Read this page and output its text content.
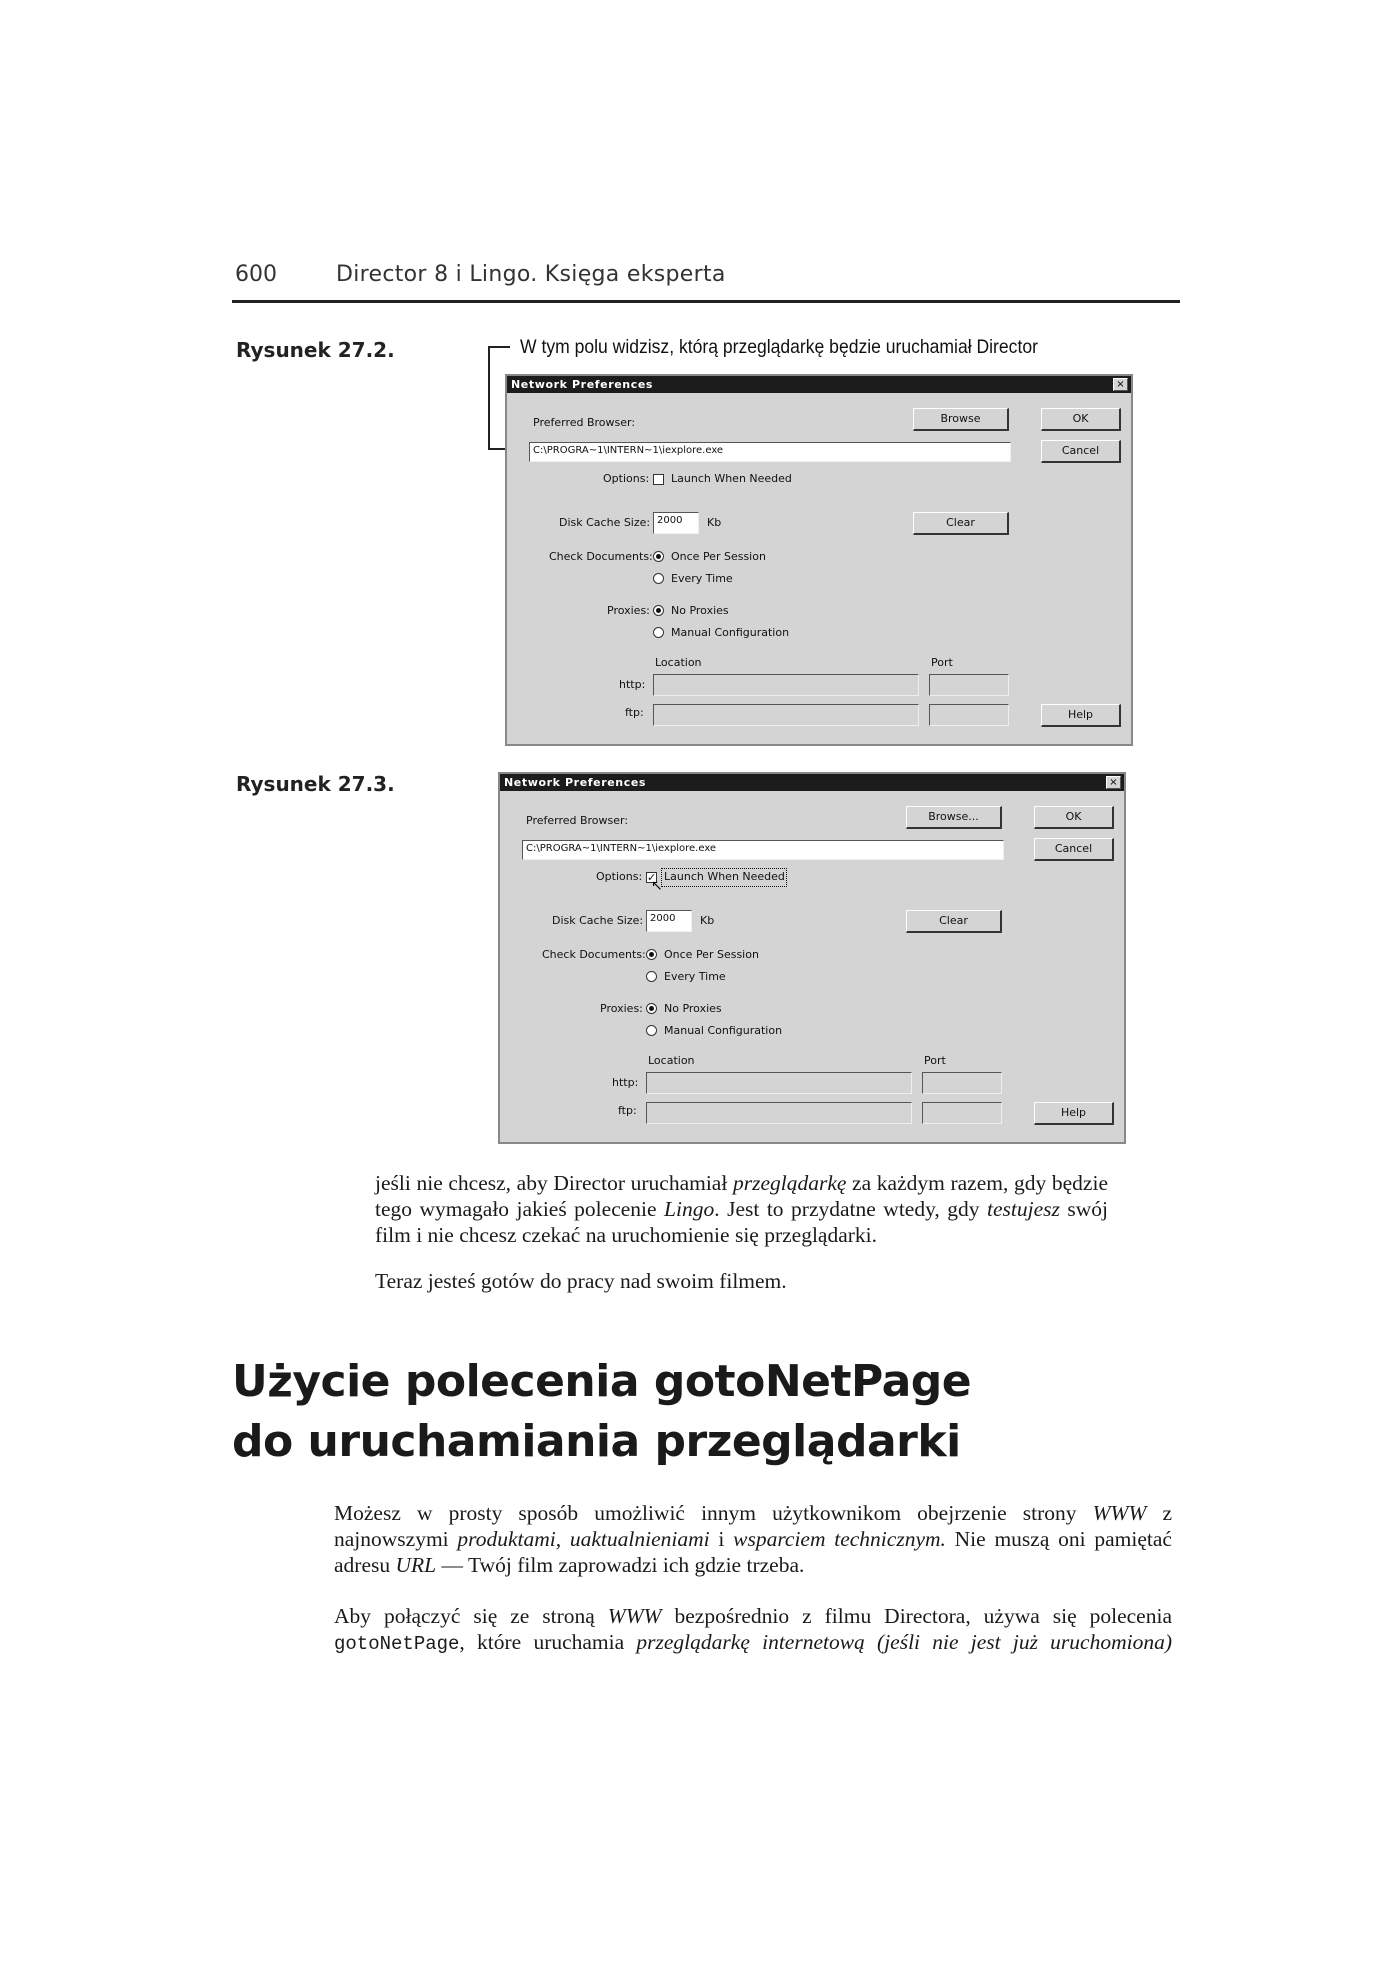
600	Director 8 i Lingo. Księga eksperta
Rysunek 27.2.	W tym polu widzisz, którą przeglądarkę będzie uruchamiał Director
Network Preferences	×
Preferred Browser:	Browse	OK
C:\PROGRA~1\INTERN~1\iexplore.exe	Cancel
Options: Launch When Needed
Disk Cache Size: 2000	Kb	Clear
Check Documents: Once Per Session
Every Time
Proxies: No Proxies
Manual Configuration
Location	Port
http:
ftp:	Help
Rysunek 27.3.	Network Preferences	×
Preferred Browser:	Browse...	OK
C:\PROGRA~1\INTERN~1\iexplore.exe	Cancel
Options: ✓ Launch When Needed
↖
Disk Cache Size: 2000	Kb	Clear
Check Documents: Once Per Session
Every Time
Proxies: No Proxies
Manual Configuration
Location	Port
http:
ftp:	Help

jeśli nie chcesz, aby Director uruchamiał przeglądarkę za każdym razem, gdy będzie tego wymagało jakieś polecenie Lingo. Jest to przydatne wtedy, gdy testujesz swój film i nie chcesz czekać na uruchomienie się przeglądarki.

Teraz jesteś gotów do pracy nad swoim filmem.

Użycie polecenia gotoNetPage
do uruchamiania przeglądarki

Możesz w prosty sposób umożliwić innym użytkownikom obejrzenie strony WWW z najnowszymi produktami, uaktualnieniami i wsparciem technicznym. Nie muszą oni pamiętać adresu URL — Twój film zaprowadzi ich gdzie trzeba.

Aby połączyć się ze stroną WWW bezpośrednio z filmu Directora, używa się polecenia gotoNetPage, które uruchamia przeglądarkę internetową (jeśli nie jest już uruchomiona)
